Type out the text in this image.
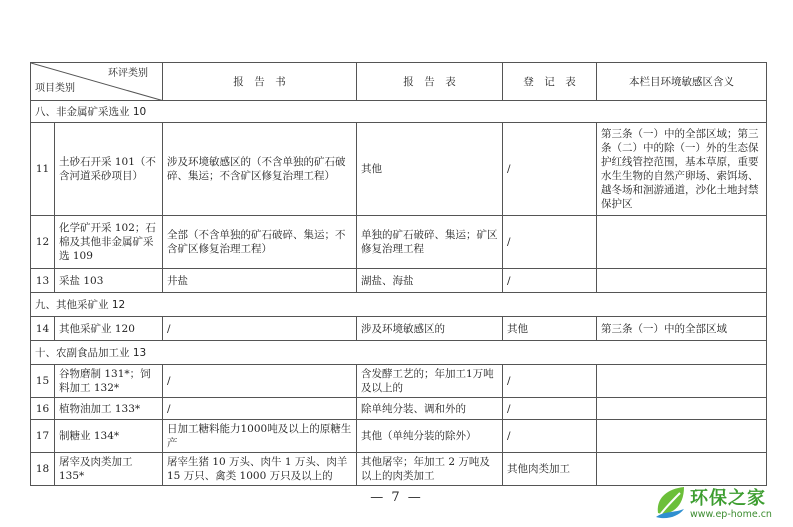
环评类别
项目类别		报　告　书	报　告　表	登　记　表	本栏目环境敏感区含义
八、非金属矿采选业 10					
11	土砂石开采 101（不含河道采砂项目）	涉及环境敏感区的（不含单独的矿石破碎、集运；不含矿区修复治理工程）	其他	/	第三条（一）中的全部区域；第三条（二）中的除（一）外的生态保护红线管控范围，基本草原，重要水生生物的自然产卵场、索饵场、越冬场和洄游通道，沙化土地封禁保护区
12	化学矿开采 102；石棉及其他非金属矿采选 109	全部（不含单独的矿石破碎、集运；不含矿区修复治理工程）	单独的矿石破碎、集运；矿区修复治理工程	/	
13	采盐 103	井盐	湖盐、海盐	/	
九、其他采矿业 12					
14	其他采矿业 120	/	涉及环境敏感区的	其他	第三条（一）中的全部区域
十、农副食品加工业 13					
15	谷物磨制 131*；饲料加工 132*	/	含发酵工艺的；年加工1万吨及以上的	/	
16	植物油加工 133*	/	除单纯分装、调和外的	/	
17	制糖业 134*	日加工糖料能力1000吨及以上的原糖生产	其他（单纯分装的除外）	/	
18	屠宰及肉类加工 135*	屠宰生猪 10 万头、肉牛 1 万头、肉羊 15 万只、禽类 1000 万只及以上的	其他屠宰；年加工 2 万吨及以上的肉类加工	其他肉类加工	
— 7 —	环保之家
www.ep-home.cn
